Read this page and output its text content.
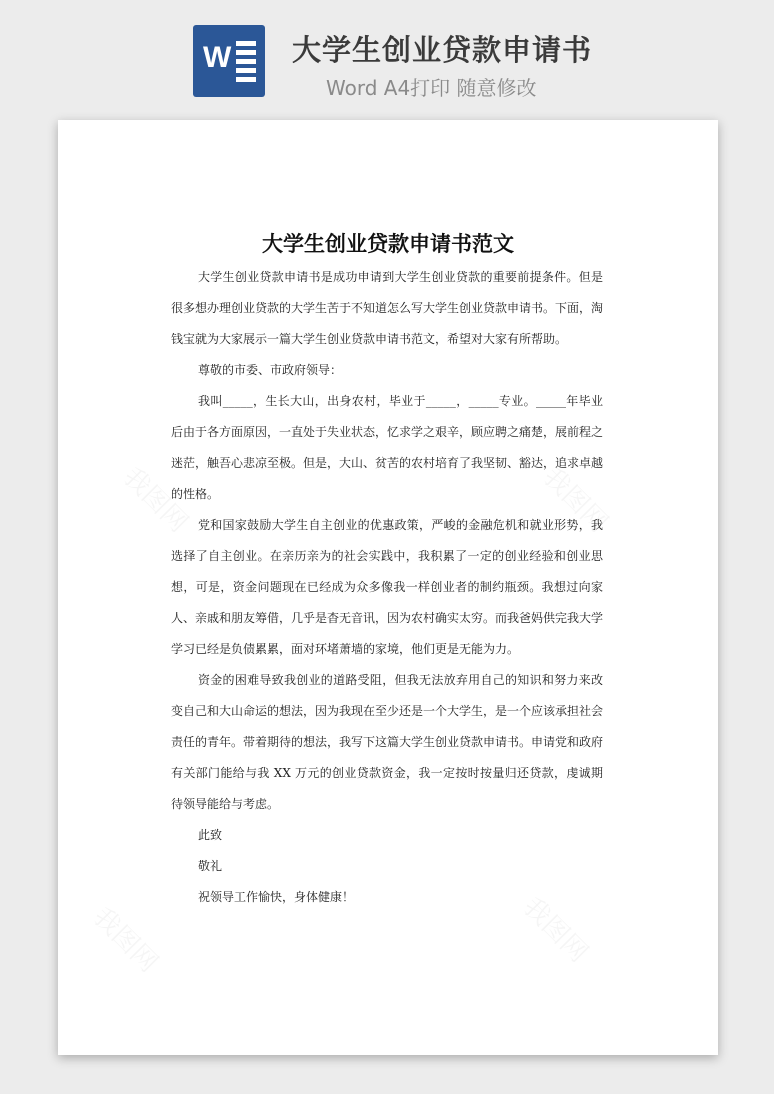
W 大学生创业贷款申请书
Word A4打印 随意修改
大学生创业贷款申请书范文

大学生创业贷款申请书是成功申请到大学生创业贷款的重要前提条件。但是很多想办理创业贷款的大学生苦于不知道怎么写大学生创业贷款申请书。下面，淘钱宝就为大家展示一篇大学生创业贷款申请书范文，希望对大家有所帮助。

尊敬的市委、市政府领导：

我叫_____，生长大山，出身农村，毕业于_____，_____专业。_____年毕业后由于各方面原因，一直处于失业状态，忆求学之艰辛，顾应聘之痛楚，展前程之迷茫，触吾心悲凉至极。但是，大山、贫苦的农村培育了我坚韧、豁达，追求卓越的性格。

党和国家鼓励大学生自主创业的优惠政策，严峻的金融危机和就业形势，我选择了自主创业。在亲历亲为的社会实践中，我积累了一定的创业经验和创业思想，可是，资金问题现在已经成为众多像我一样创业者的制约瓶颈。我想过向家人、亲戚和朋友筹借，几乎是杳无音讯，因为农村确实太穷。而我爸妈供完我大学学习已经是负债累累，面对环堵萧墙的家境，他们更是无能为力。

资金的困难导致我创业的道路受阻，但我无法放弃用自己的知识和努力来改变自己和大山命运的想法，因为我现在至少还是一个大学生，是一个应该承担社会责任的青年。带着期待的想法，我写下这篇大学生创业贷款申请书。申请党和政府有关部门能给与我 XX 万元的创业贷款资金，我一定按时按量归还贷款，虔诚期待领导能给与考虑。

此致

敬礼

祝领导工作愉快，身体健康！
